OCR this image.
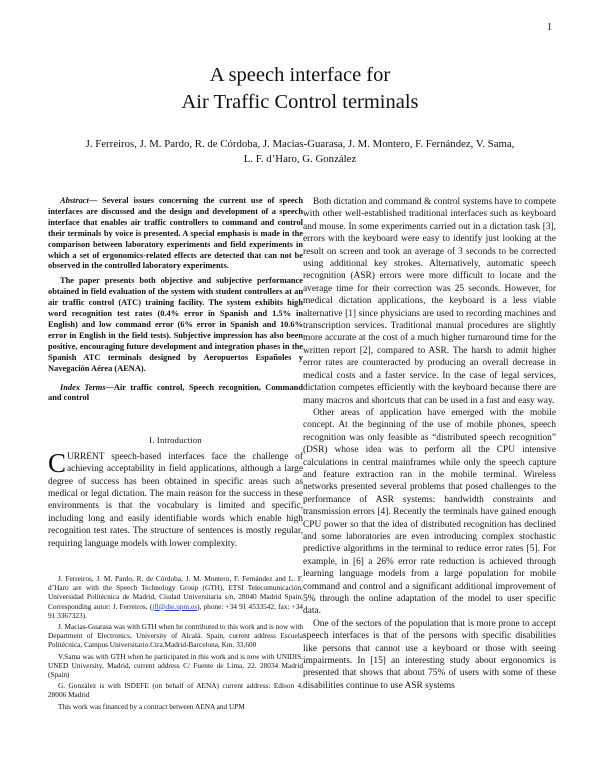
1
A speech interface for
Air Traffic Control terminals
J. Ferreiros, J. M. Pardo, R. de Córdoba, J. Macias-Guarasa, J. M. Montero, F. Fernández, V. Sama,
L. F. d’Haro, G. González

Abstract— Several issues concerning the current use of speech interfaces are discussed and the design and development of a speech interface that enables air traffic controllers to command and control their terminals by voice is presented. A special emphasis is made in the comparison between laboratory experiments and field experiments in which a set of ergonomics-related effects are detected that can not be observed in the controlled laboratory experiments.

The paper presents both objective and subjective performance obtained in field evaluation of the system with student controllers at an air traffic control (ATC) training facility. The system exhibits high word recognition test rates (0.4% error in Spanish and 1.5% in English) and low command error (6% error in Spanish and 10.6% error in English in the field tests). Subjective impression has also been positive, encouraging future development and integration phases in the Spanish ATC terminals designed by Aeropuertos Españoles y Navegación Aérea (AENA).

Index Terms—Air traffic control, Speech recognition, Command and control

I. Introduction

CURRENT speech-based interfaces face the challenge of achieving acceptability in field applications, although a large degree of success has been obtained in specific areas such as medical or legal dictation. The main reason for the success in these environments is that the vocabulary is limited and specific, including long and easily identifiable words which enable high recognition test rates. The structure of sentences is mostly regular, requiring language models with lower complexity.

J. Ferreiros, J. M. Pardo, R. de Córdoba, J. M. Montero, F. Fernández and L. F. d’Haro are with the Speech Technology Group (GTH), ETSI Telecomunicación, Universidad Politécnica de Madrid, Ciudad Universitaria s/n, 28040 Madrid Spain, Corresponding autor: J. Ferreiros, (jfl@die.upm.es), phone: +34 91 4533542, fax: +34 91 3367323).

J. Macias-Guarasa was with GTH when he contributed to this work and is now with Department of Electronics, University of Alcalá. Spain, current address Escuela Politécnica, Campus Universitario.Ctra.Madrid-Barcelona, Km. 33,600

V.Sama was with GTH when he participated in this work and is now with UNIDIS, UNED University, Madrid, current address C/ Fuente de Lima, 22. 28034 Madrid (Spain)

G. González is with ISDEFE (on behalf of AENA) current address: Edison 4, 28006 Madrid

This work was financed by a contract between AENA and UPM

Both dictation and command & control systems have to compete with other well-established traditional interfaces such as keyboard and mouse. In some experiments carried out in a dictation task [3], errors with the keyboard were easy to identify just looking at the result on screen and took an average of 3 seconds to be corrected using additional key strokes. Alternatively, automatic speech recognition (ASR) errors were more difficult to locate and the average time for their correction was 25 seconds. However, for medical dictation applications, the keyboard is a less viable alternative [1] since physicians are used to recording machines and transcription services. Traditional manual procedures are slightly more accurate at the cost of a much higher turnaround time for the written report [2], compared to ASR. The harsh to admit higher error rates are counteracted by producing an overall decrease in medical costs and a faster service. In the case of legal services, dictation competes efficiently with the keyboard because there are many macros and shortcuts that can be used in a fast and easy way.

Other areas of application have emerged with the mobile concept. At the beginning of the use of mobile phones, speech recognition was only feasible as “distributed speech recognition” (DSR) whose idea was to perform all the CPU intensive calculations in central mainframes while only the speech capture and feature extraction ran in the mobile terminal. Wireless networks presented several problems that posed challenges to the performance of ASR systems: bandwidth constraints and transmission errors [4]. Recently the terminals have gained enough CPU power so that the idea of distributed recognition has declined and some laboratories are even introducing complex stochastic predictive algorithms in the terminal to reduce error rates [5]. For example, in [6] a 26% error rate reduction is achieved through learning language models from a large population for mobile command and control and a significant additional improvement of 5% through the online adaptation of the model to user specific data.

One of the sectors of the population that is more prone to accept speech interfaces is that of the persons with specific disabilities like persons that cannot use a keyboard or those with seeing impairments. In [15] an interesting study about ergonomics is presented that shows that about 75% of users with some of these disabilities continue to use ASR systems
